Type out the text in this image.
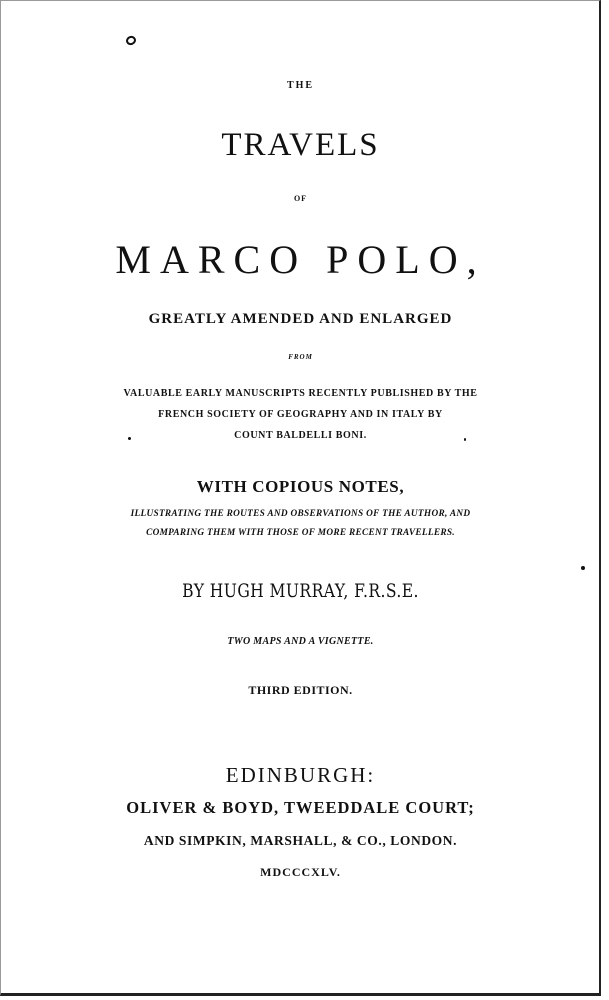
THE
TRAVELS
OF
MARCO POLO,
GREATLY AMENDED AND ENLARGED
FROM
VALUABLE EARLY MANUSCRIPTS RECENTLY PUBLISHED BY THE
FRENCH SOCIETY OF GEOGRAPHY AND IN ITALY BY
COUNT BALDELLI BONI.
WITH COPIOUS NOTES,
ILLUSTRATING THE ROUTES AND OBSERVATIONS OF THE AUTHOR, AND
COMPARING THEM WITH THOSE OF MORE RECENT TRAVELLERS.
BY HUGH MURRAY, F.R.S.E.
TWO MAPS AND A VIGNETTE.
THIRD EDITION.
EDINBURGH:
OLIVER & BOYD, TWEEDDALE COURT;
AND SIMPKIN, MARSHALL, & CO., LONDON.
MDCCCXLV.
